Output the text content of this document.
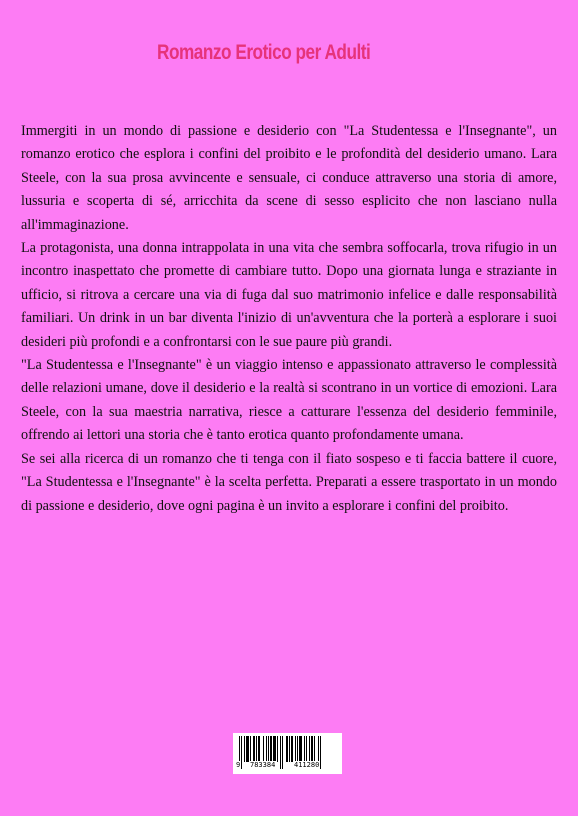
Romanzo Erotico per Adulti

Immergiti in un mondo di passione e desiderio con "La Studentessa e l'Insegnante", un romanzo erotico che esplora i confini del proibito e le profondità del desiderio umano. Lara Steele, con la sua prosa avvincente e sensuale, ci conduce attraverso una storia di amore, lussuria e scoperta di sé, arricchita da scene di sesso esplicito che non lasciano nulla all'immaginazione.

La protagonista, una donna intrappolata in una vita che sembra soffocarla, trova rifugio in un incontro inaspettato che promette di cambiare tutto. Dopo una giornata lunga e straziante in ufficio, si ritrova a cercare una via di fuga dal suo matrimonio infelice e dalle responsabilità familiari. Un drink in un bar diventa l'inizio di un'avventura che la porterà a esplorare i suoi desideri più profondi e a confrontarsi con le sue paure più grandi.

"La Studentessa e l'Insegnante" è un viaggio intenso e appassionato attraverso le complessità delle relazioni umane, dove il desiderio e la realtà si scontrano in un vortice di emozioni. Lara Steele, con la sua maestria narrativa, riesce a catturare l'essenza del desiderio femminile, offrendo ai lettori una storia che è tanto erotica quanto profondamente umana.

Se sei alla ricerca di un romanzo che ti tenga con il fiato sospeso e ti faccia battere il cuore, "La Studentessa e l'Insegnante" è la scelta perfetta. Preparati a essere trasportato in un mondo di passione e desiderio, dove ogni pagina è un invito a esplorare i confini del proibito.

9 783384	411280
